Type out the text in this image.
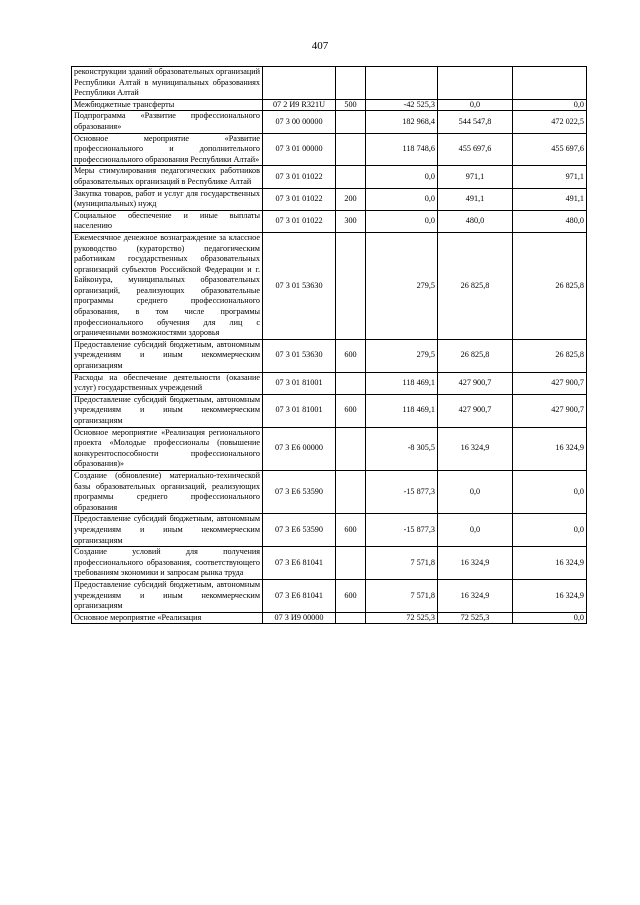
407
реконструкции зданий образовательных организаций Республики Алтай в муниципальных образованиях Республики Алтай					
Межбюджетные трансферты	07 2 И9 R321U	500	-42 525,3	0,0	0,0
Подпрограмма «Развитие профессионального образования»	07 3 00 00000		182 968,4	544 547,8	472 022,5
Основное мероприятие «Развитие профессионального и дополнительного профессионального образования Республики Алтай»	07 3 01 00000		118 748,6	455 697,6	455 697,6
Меры стимулирования педагогических работников образовательных организаций в Республике Алтай	07 3 01 01022		0,0	971,1	971,1
Закупка товаров, работ и услуг для государственных (муниципальных) нужд	07 3 01 01022	200	0,0	491,1	491,1
Социальное обеспечение и иные выплаты населению	07 3 01 01022	300	0,0	480,0	480,0
Ежемесячное денежное вознаграждение за классное руководство (кураторство) педагогическим работникам государственных образовательных организаций субъектов Российской Федерации и г. Байконура, муниципальных образовательных организаций, реализующих образовательные программы среднего профессионального образования, в том числе программы профессионального обучения для лиц с ограниченными возможностями здоровья	07 3 01 53630		279,5	26 825,8	26 825,8
Предоставление субсидий бюджетным, автономным учреждениям и иным некоммерческим организациям	07 3 01 53630	600	279,5	26 825,8	26 825,8
Расходы на обеспечение деятельности (оказание услуг) государственных учреждений	07 3 01 81001		118 469,1	427 900,7	427 900,7
Предоставление субсидий бюджетным, автономным учреждениям и иным некоммерческим организациям	07 3 01 81001	600	118 469,1	427 900,7	427 900,7
Основное мероприятие «Реализация регионального проекта «Молодые профессионалы (повышение конкурентоспособности профессионального образования)»	07 3 Е6 00000		-8 305,5	16 324,9	16 324,9
Создание (обновление) материально-технической базы образовательных организаций, реализующих программы среднего профессионального образования	07 3 Е6 53590		-15 877,3	0,0	0,0
Предоставление субсидий бюджетным, автономным учреждениям и иным некоммерческим организациям	07 3 Е6 53590	600	-15 877,3	0,0	0,0
Создание условий для получения профессионального образования, соответствующего требованиям экономики и запросам рынка труда	07 3 Е6 81041		7 571,8	16 324,9	16 324,9
Предоставление субсидий бюджетным, автономным учреждениям и иным некоммерческим организациям	07 3 Е6 81041	600	7 571,8	16 324,9	16 324,9
Основное мероприятие «Реализация	07 3 И9 00000		72 525,3	72 525,3	0,0
